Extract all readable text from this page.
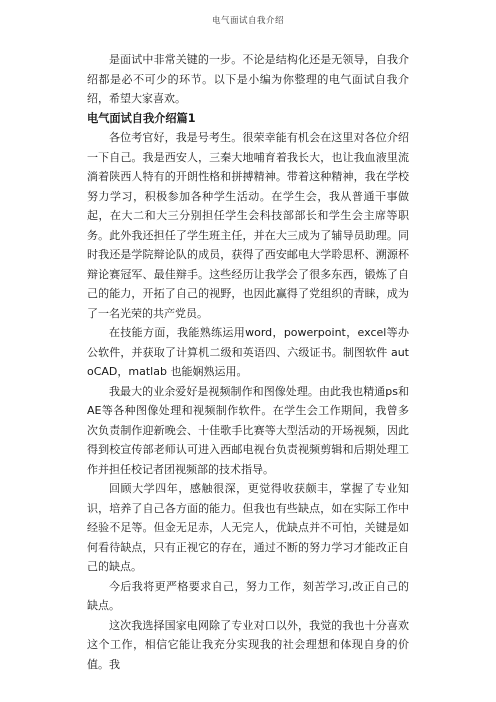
电气面试自我介绍

是面试中非常关键的一步。不论是结构化还是无领导，自我介绍都是必不可少的环节。以下是小编为你整理的电气面试自我介绍，希望大家喜欢。

电气面试自我介绍篇1

各位考官好，我是号考生。很荣幸能有机会在这里对各位介绍一下自己。我是西安人，三秦大地哺育着我长大，也让我血液里流淌着陕西人特有的开朗性格和拼搏精神。带着这种精神，我在学校努力学习，积极参加各种学生活动。在学生会，我从普通干事做起，在大二和大三分别担任学生会科技部部长和学生会主席等职务。此外我还担任了学生班主任，并在大三成为了辅导员助理。同时我还是学院辩论队的成员，获得了西安邮电大学聆思杯、溯源杯辩论赛冠军、最佳辩手。这些经历让我学会了很多东西，锻炼了自己的能力，开拓了自己的视野，也因此赢得了党组织的青睐，成为了一名光荣的共产党员。

在技能方面，我能熟练运用word，powerpoint，excel等办公软件，并获取了计算机二级和英语四、六级证书。制图软件 autoCAD，matlab 也能娴熟运用。

我最大的业余爱好是视频制作和图像处理。由此我也精通ps和AE等各种图像处理和视频制作软件。在学生会工作期间，我曾多次负责制作迎新晚会、十佳歌手比赛等大型活动的开场视频，因此得到校宣传部老师认可进入西邮电视台负责视频剪辑和后期处理工作并担任校记者团视频部的技术指导。

回顾大学四年，感触很深，更觉得收获颇丰，掌握了专业知识，培养了自己各方面的能力。但我也有些缺点，如在实际工作中经验不足等。但金无足赤，人无完人，优缺点并不可怕，关键是如何看待缺点，只有正视它的存在，通过不断的努力学习才能改正自己的缺点。

今后我将更严格要求自己，努力工作，刻苦学习,改正自己的缺点。

这次我选择国家电网除了专业对口以外，我觉的我也十分喜欢这个工作，相信它能让我充分实现我的社会理想和体现自身的价值。我
